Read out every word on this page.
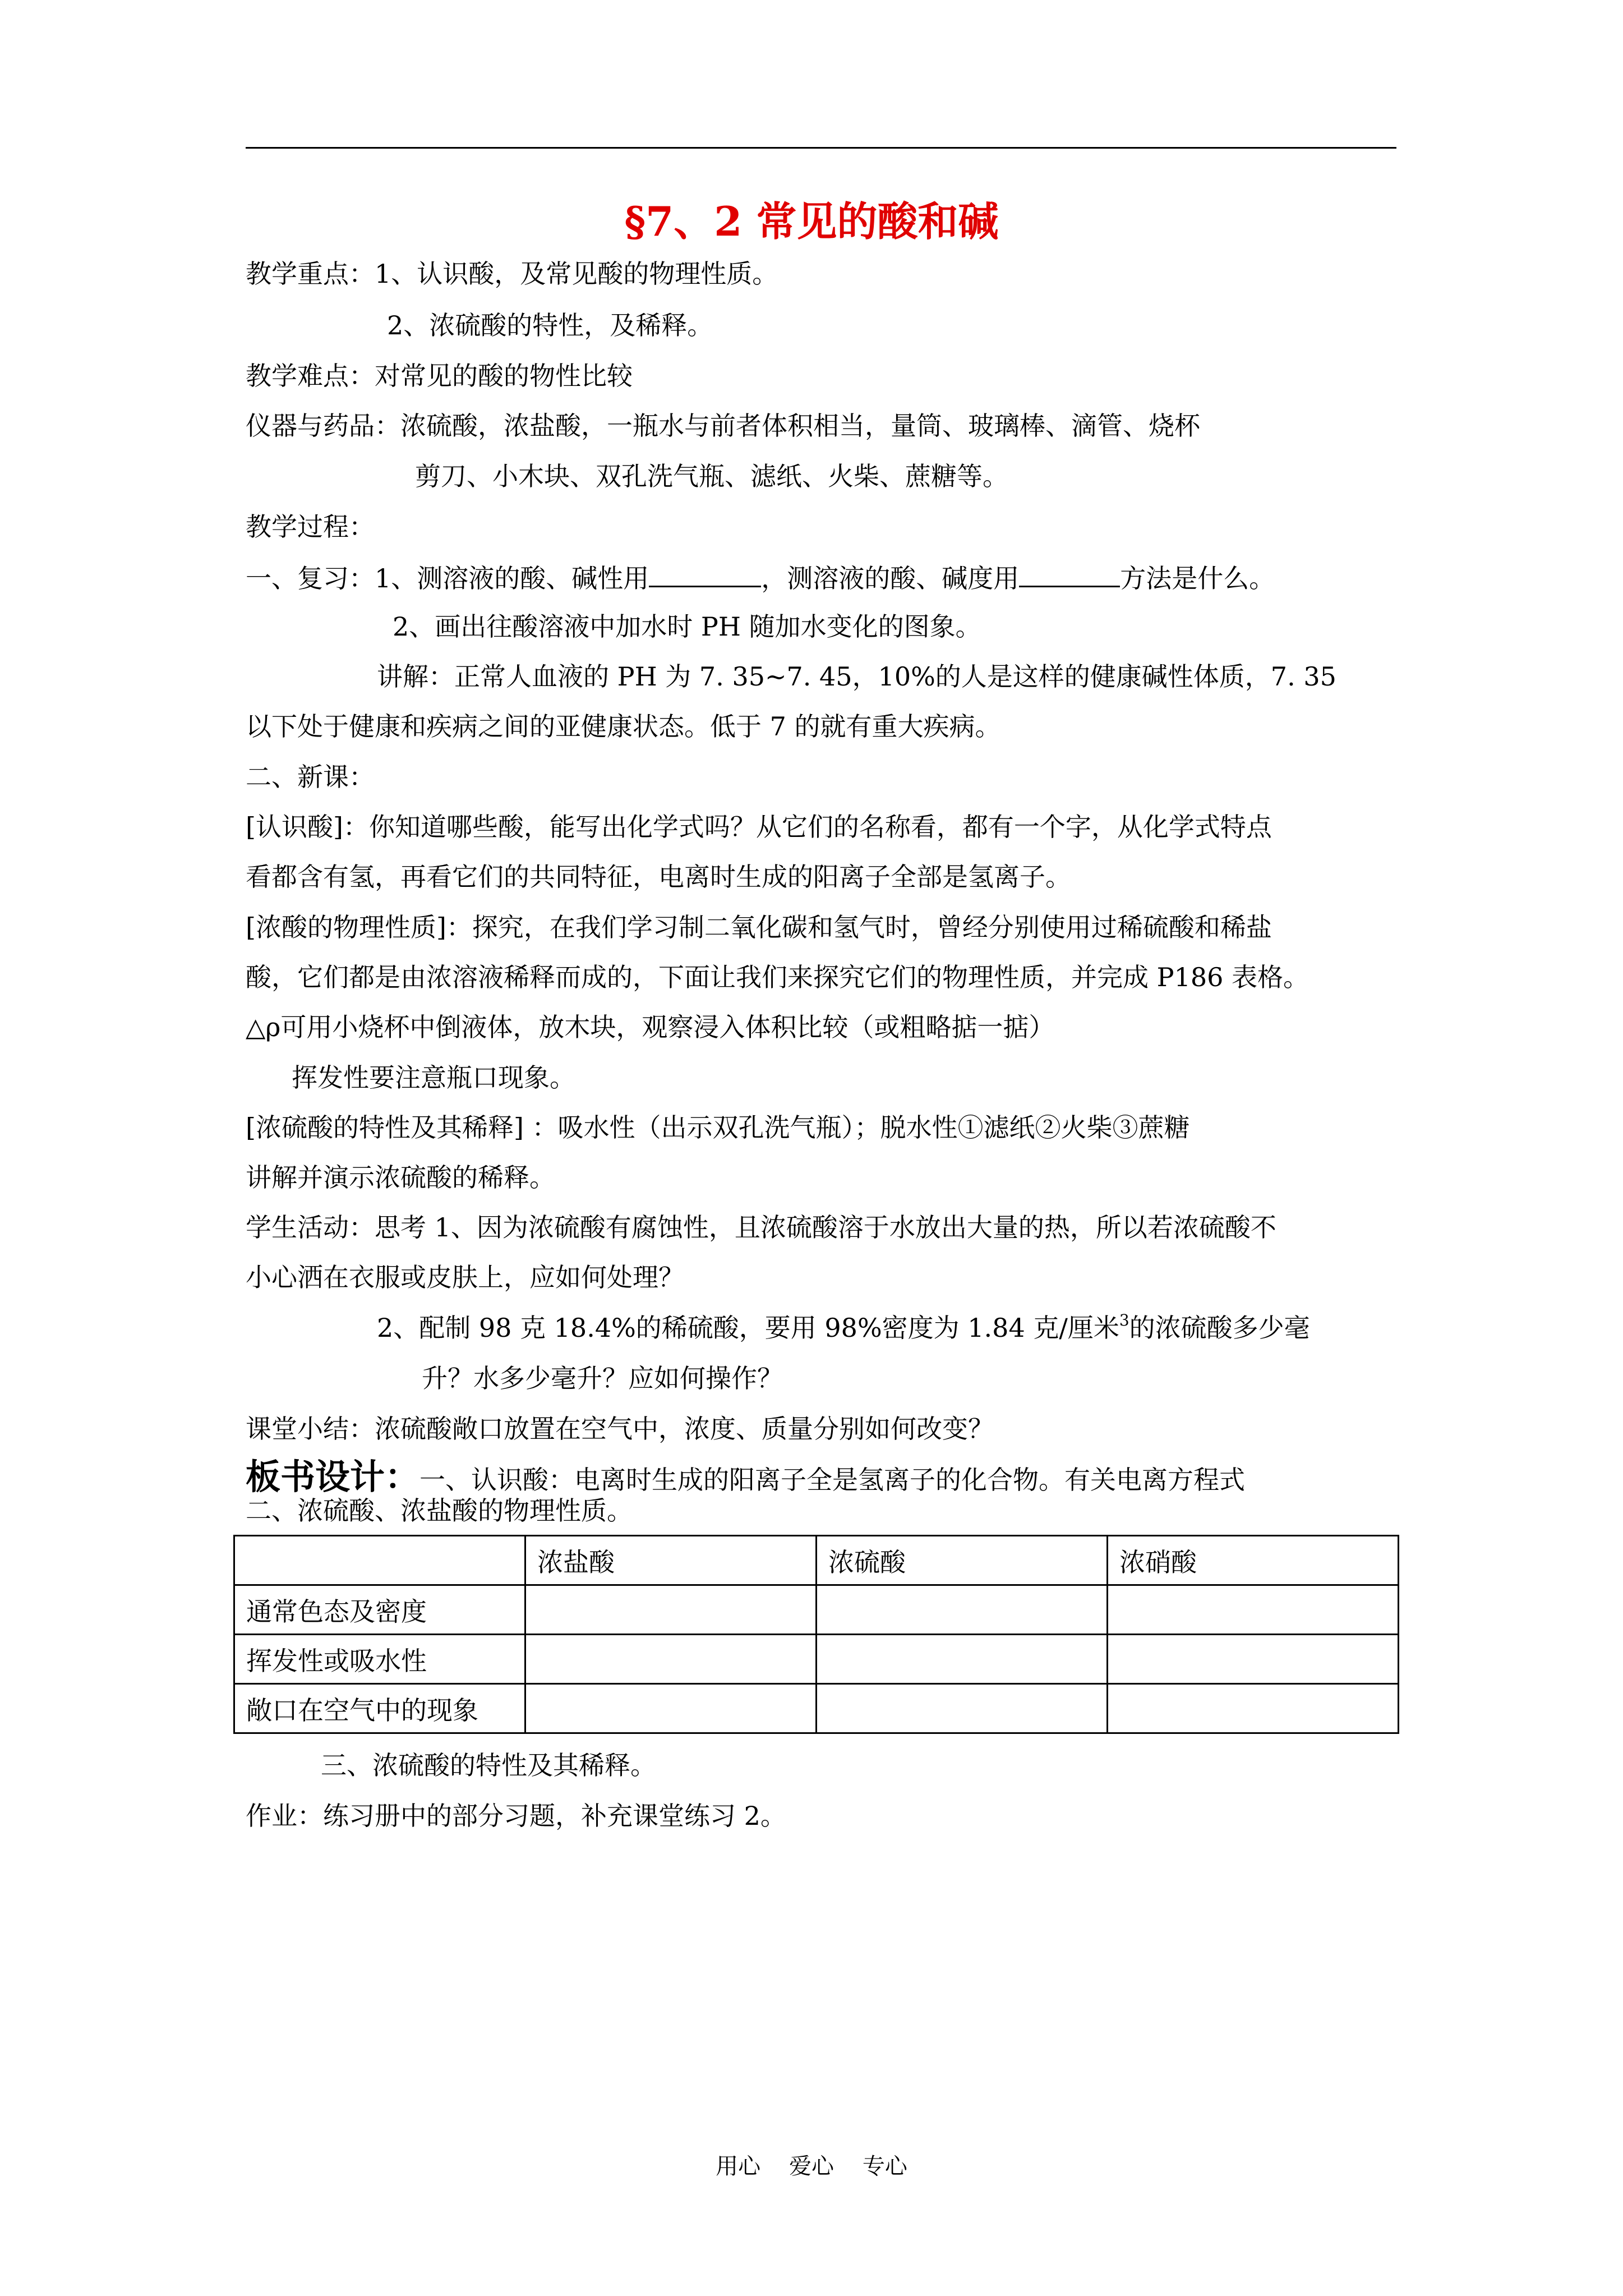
§7、2 常见的酸和碱
教学重点：1、认识酸，及常见酸的物理性质。
2、浓硫酸的特性，及稀释。
教学难点：对常见的酸的物性比较
仪器与药品：浓硫酸，浓盐酸，一瓶水与前者体积相当，量筒、玻璃棒、滴管、烧杯
剪刀、小木块、双孔洗气瓶、滤纸、火柴、蔗糖等。
教学过程：
一、复习：1、测溶液的酸、碱性用	，测溶液的酸、碱度用	方法是什么。
2、画出往酸溶液中加水时 PH 随加水变化的图象。
讲解：正常人血液的 PH 为 7. 35~7. 45，10%的人是这样的健康碱性体质，7. 35
以下处于健康和疾病之间的亚健康状态。低于 7 的就有重大疾病。
二、新课：
[认识酸]：你知道哪些酸，能写出化学式吗？从它们的名称看，都有一个字，从化学式特点
看都含有氢，再看它们的共同特征，电离时生成的阳离子全部是氢离子。
[浓酸的物理性质]：探究，在我们学习制二氧化碳和氢气时，曾经分别使用过稀硫酸和稀盐
酸，它们都是由浓溶液稀释而成的，下面让我们来探究它们的物理性质，并完成 P186 表格。
△ρ可用小烧杯中倒液体，放木块，观察浸入体积比较（或粗略掂一掂）
挥发性要注意瓶口现象。
[浓硫酸的特性及其稀释] ：吸水性（出示双孔洗气瓶）；脱水性①滤纸②火柴③蔗糖
讲解并演示浓硫酸的稀释。
学生活动：思考 1、因为浓硫酸有腐蚀性，且浓硫酸溶于水放出大量的热，所以若浓硫酸不
小心洒在衣服或皮肤上，应如何处理？
2、配制 98 克 18.4%的稀硫酸，要用 98%密度为 1.84 克/厘米$^3$的浓硫酸多少毫
升？水多少毫升？应如何操作？
课堂小结：浓硫酸敞口放置在空气中，浓度、质量分别如何改变？
板书设计：一、认识酸：电离时生成的阳离子全是氢离子的化合物。有关电离方程式
二、浓硫酸、浓盐酸的物理性质。
	浓盐酸	浓硫酸	浓硝酸
通常色态及密度			
挥发性或吸水性			
敞口在空气中的现象			
三、浓硫酸的特性及其稀释。
作业：练习册中的部分习题，补充课堂练习 2。
用心    爱心    专心
